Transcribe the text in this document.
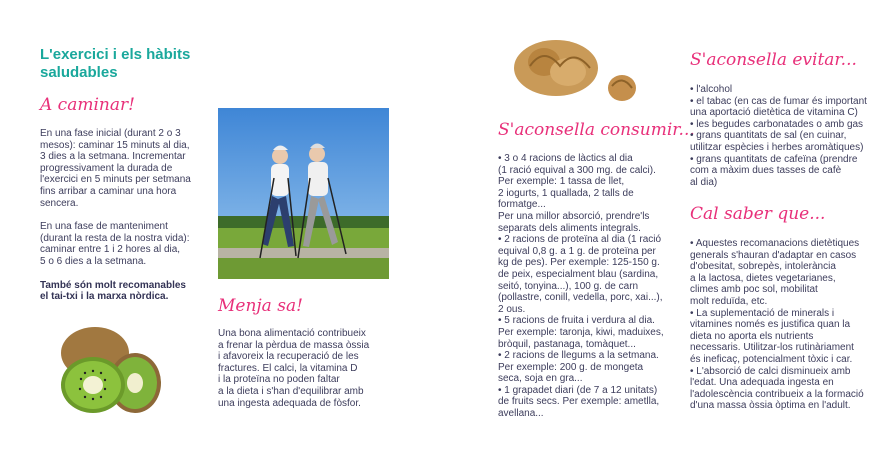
L'exercici i els hàbits saludables
A caminar!

En una fase inicial (durant 2 o 3
mesos): caminar 15 minuts al dia,
3 dies a la setmana. Incrementar
progressivament la durada de
l'exercici en 5 minuts per setmana
fins arribar a caminar una hora
sencera.

En una fase de manteniment
(durant la resta de la nostra vida):
caminar entre 1 i 2 hores al dia,
5 o 6 dies a la setmana.

També són molt recomanables
el tai-txi i la marxa nòrdica.	Menja sa!
Una bona alimentació contribueix
a frenar la pèrdua de massa òssia
i afavoreix la recuperació de les
fractures. El calci, la vitamina D
i la proteïna no poden faltar
a la dieta i s'han d'equilibrar amb
una ingesta adequada de fòsfor.
S'aconsella consumir...
• 3 o 4 racions de làctics al dia
(1 ració equival a 300 mg. de calci).
Per exemple: 1 tassa de llet,
2 iogurts, 1 quallada, 2 talls de formatge...
Per una millor absorció, prendre'ls
separats dels aliments integrals.
• 2 racions de proteïna al dia (1 ració
equival 0,8 g. a 1 g. de proteïna per
kg de pes). Per exemple: 125-150 g.
de peix, especialment blau (sardina,
seitó, tonyina...), 100 g. de carn
(pollastre, conill, vedella, porc, xai...),
2 ous.
• 5 racions de fruita i verdura al dia.
Per exemple: taronja, kiwi, maduixes,
bròquil, pastanaga, tomàquet...
• 2 racions de llegums a la setmana.
Per exemple: 200 g. de mongeta
seca, soja en gra...
• 1 grapadet diari (de 7 a 12 unitats)
de fruits secs. Per exemple: ametlla,
avellana...
S'aconsella evitar...
• l'alcohol
• el tabac (en cas de fumar és important
una aportació dietètica de vitamina C)
• les begudes carbonatades o amb gas
• grans quantitats de sal (en cuinar,
utilitzar espècies i herbes aromàtiques)
• grans quantitats de cafeïna (prendre
com a màxim dues tasses de cafè
al dia)
Cal saber que...
• Aquestes recomanacions dietètiques
generals s'hauran d'adaptar en casos
d'obesitat, sobrepès, intolerància
a la lactosa, dietes vegetarianes,
climes amb poc sol, mobilitat
molt reduïda, etc.
• La suplementació de minerals i
vitamines només es justifica quan la
dieta no aporta els nutrients
necessaris. Utilitzar-los rutinàriament
és ineficaç, potencialment tòxic i car.
• L'absorció de calci disminueix amb
l'edat. Una adequada ingesta en
l'adolescència contribueix a la formació
d'una massa òssia òptima en l'adult.
